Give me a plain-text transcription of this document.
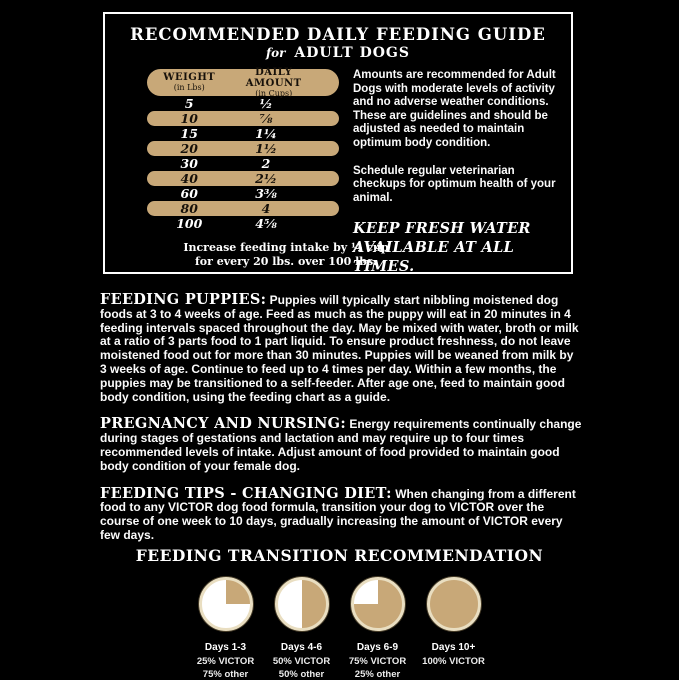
RECOMMENDED DAILY FEEDING GUIDE
for ADULT DOGS
WEIGHT
(in Lbs)
DAILY AMOUNT
(in Cups)
5	½
10	⅞
15	1¼
20	1½
30	2
40	2½
60	3⅜
80	4
100	4⅝
Increase feeding intake by ½ cup for every 20 lbs. over 100 lbs.

Amounts are recommended for Adult Dogs with moderate levels of activity and no adverse weather conditions. These are guidelines and should be adjusted as needed to maintain optimum body condition.

Schedule regular veterinarian checkups for optimum health of your animal.

KEEP FRESH WATER AVAILABLE AT ALL TIMES.
FEEDING PUPPIES: Puppies will typically start nibbling moistened dog foods at 3 to 4 weeks of age. Feed as much as the puppy will eat in 20 minutes in 4 feeding intervals spaced throughout the day. May be mixed with water, broth or milk at a ratio of 3 parts food to 1 part liquid. To ensure product freshness, do not leave moistened food out for more than 30 minutes. Puppies will be weaned from milk by 3 weeks of age. Continue to feed up to 4 times per day. Within a few months, the puppies may be transitioned to a self-feeder. After age one, feed to maintain good body condition, using the feeding chart as a guide.
PREGNANCY AND NURSING: Energy requirements continually change during stages of gestations and lactation and may require up to four times recommended levels of intake. Adjust amount of food provided to maintain good body condition of your female dog.
FEEDING TIPS - CHANGING DIET: When changing from a different food to any VICTOR dog food formula, transition your dog to VICTOR over the course of one week to 10 days, gradually increasing the amount of VICTOR every few days.
FEEDING TRANSITION RECOMMENDATION
Days 1-3
25% VICTOR
75% other
Days 4-6
50% VICTOR
50% other
Days 6-9
75% VICTOR
25% other
Days 10+
100% VICTOR
